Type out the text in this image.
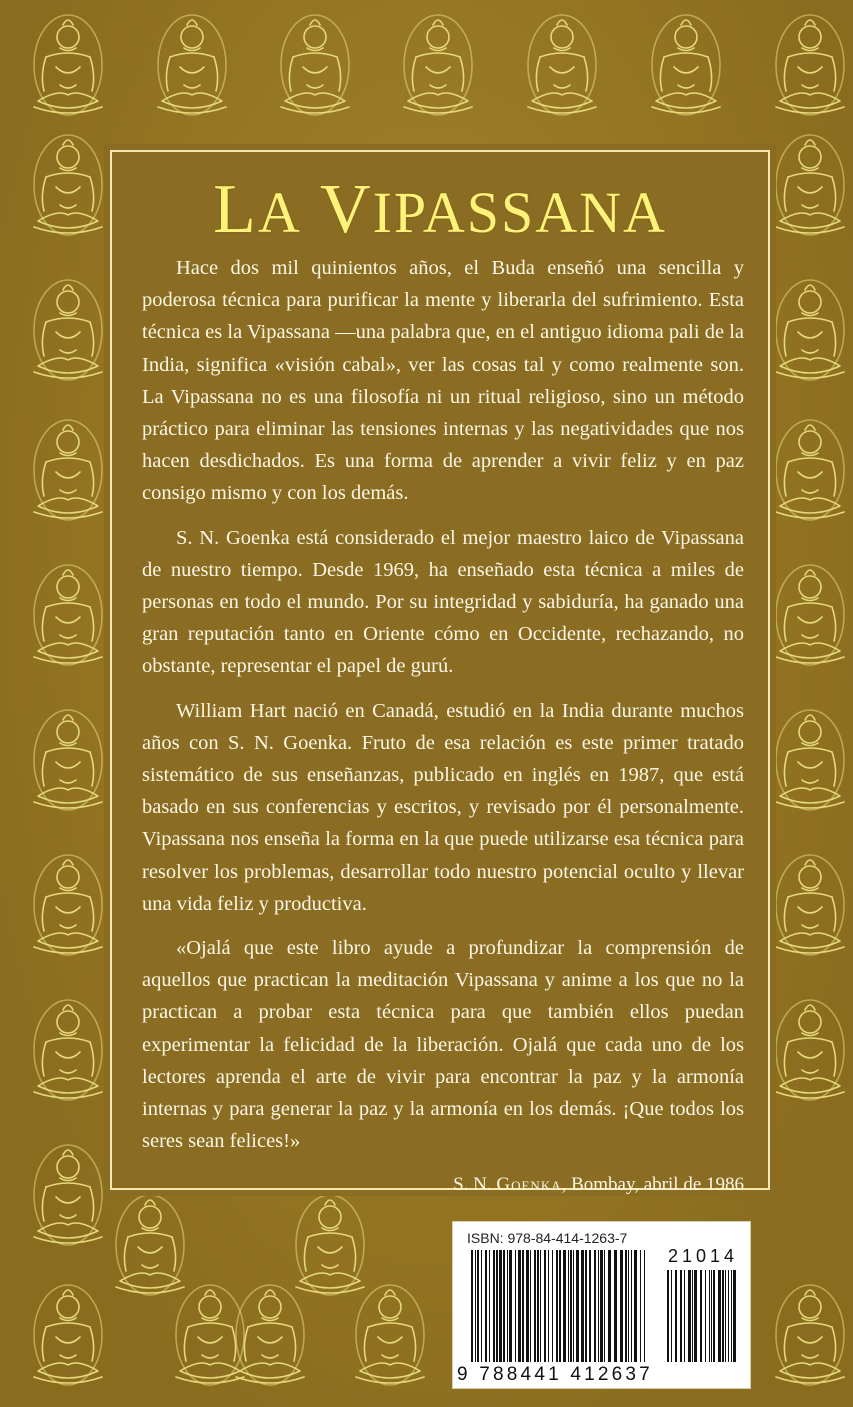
LA VIPASSANA

Hace dos mil quinientos años, el Buda enseñó una sencilla y poderosa técnica para purificar la mente y liberarla del sufrimiento. Esta técnica es la Vipassana —una palabra que, en el antiguo idioma pali de la India, significa «visión cabal», ver las cosas tal y como realmente son. La Vipassana no es una filosofía ni un ritual religioso, sino un método práctico para eliminar las tensiones internas y las negatividades que nos hacen desdichados. Es una forma de aprender a vivir feliz y en paz consigo mismo y con los demás.

S. N. Goenka está considerado el mejor maestro laico de Vipassana de nuestro tiempo. Desde 1969, ha enseñado esta técnica a miles de personas en todo el mundo. Por su integridad y sabiduría, ha ganado una gran reputación tanto en Oriente cómo en Occidente, rechazando, no obstante, representar el papel de gurú.

William Hart nació en Canadá, estudió en la India durante muchos años con S. N. Goenka. Fruto de esa relación es este primer tratado sistemático de sus enseñanzas, publicado en inglés en 1987, que está basado en sus conferencias y escritos, y revisado por él personalmente. Vipassana nos enseña la forma en la que puede utilizarse esa técnica para resolver los problemas, desarrollar todo nuestro potencial oculto y llevar una vida feliz y productiva.

«Ojalá que este libro ayude a profundizar la comprensión de aquellos que practican la meditación Vipassana y anime a los que no la practican a probar esta técnica para que también ellos puedan experimentar la felicidad de la liberación. Ojalá que cada uno de los lectores aprenda el arte de vivir para encontrar la paz y la armonía internas y para generar la paz y la armonía en los demás. ¡Que todos los seres sean felices!»

S. N. Goenka, Bombay, abril de 1986
ISBN: 978-84-414-1263-7
21014
9 788441 412637
